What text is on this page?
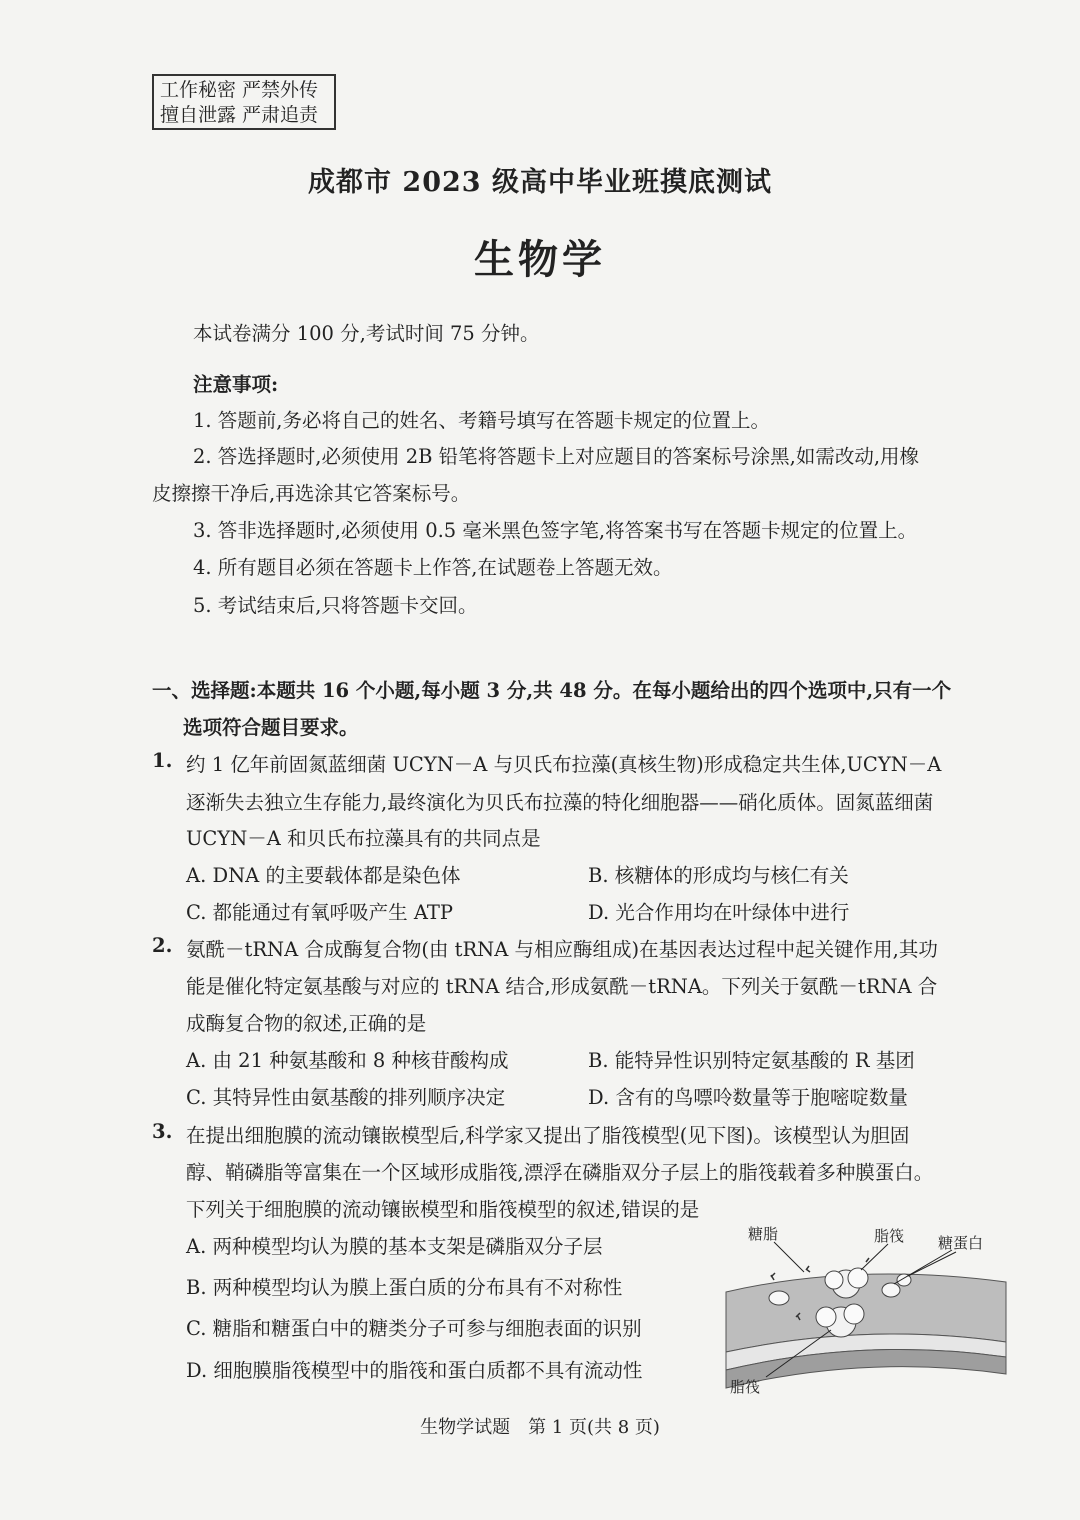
工作秘密 严禁外传
擅自泄露 严肃追责
成都市 2023 级高中毕业班摸底测试
生物学
本试卷满分 100 分,考试时间 75 分钟。
注意事项:
1. 答题前,务必将自己的姓名、考籍号填写在答题卡规定的位置上。
2. 答选择题时,必须使用 2B 铅笔将答题卡上对应题目的答案标号涂黑,如需改动,用橡
皮擦擦干净后,再选涂其它答案标号。
3. 答非选择题时,必须使用 0.5 毫米黑色签字笔,将答案书写在答题卡规定的位置上。
4. 所有题目必须在答题卡上作答,在试题卷上答题无效。
5. 考试结束后,只将答题卡交回。
一、选择题:本题共 16 个小题,每小题 3 分,共 48 分。在每小题给出的四个选项中,只有一个
选项符合题目要求。
1. 约 1 亿年前固氮蓝细菌 UCYN－A 与贝氏布拉藻(真核生物)形成稳定共生体,UCYN－A
逐渐失去独立生存能力,最终演化为贝氏布拉藻的特化细胞器——硝化质体。固氮蓝细菌
UCYN－A 和贝氏布拉藻具有的共同点是
A. DNA 的主要载体都是染色体	B. 核糖体的形成均与核仁有关
C. 都能通过有氧呼吸产生 ATP	D. 光合作用均在叶绿体中进行
2. 氨酰－tRNA 合成酶复合物(由 tRNA 与相应酶组成)在基因表达过程中起关键作用,其功
能是催化特定氨基酸与对应的 tRNA 结合,形成氨酰－tRNA。下列关于氨酰－tRNA 合
成酶复合物的叙述,正确的是
A. 由 21 种氨基酸和 8 种核苷酸构成	B. 能特异性识别特定氨基酸的 R 基团
C. 其特异性由氨基酸的排列顺序决定	D. 含有的鸟嘌呤数量等于胞嘧啶数量
3. 在提出细胞膜的流动镶嵌模型后,科学家又提出了脂筏模型(见下图)。该模型认为胆固
醇、鞘磷脂等富集在一个区域形成脂筏,漂浮在磷脂双分子层上的脂筏载着多种膜蛋白。
下列关于细胞膜的流动镶嵌模型和脂筏模型的叙述,错误的是
A. 两种模型均认为膜的基本支架是磷脂双分子层
B. 两种模型均认为膜上蛋白质的分布具有不对称性
C. 糖脂和糖蛋白中的糖类分子可参与细胞表面的识别
D. 细胞膜脂筏模型中的脂筏和蛋白质都不具有流动性
糖脂	脂筏 糖蛋白
脂筏
生物学试题　第 1 页(共 8 页)
